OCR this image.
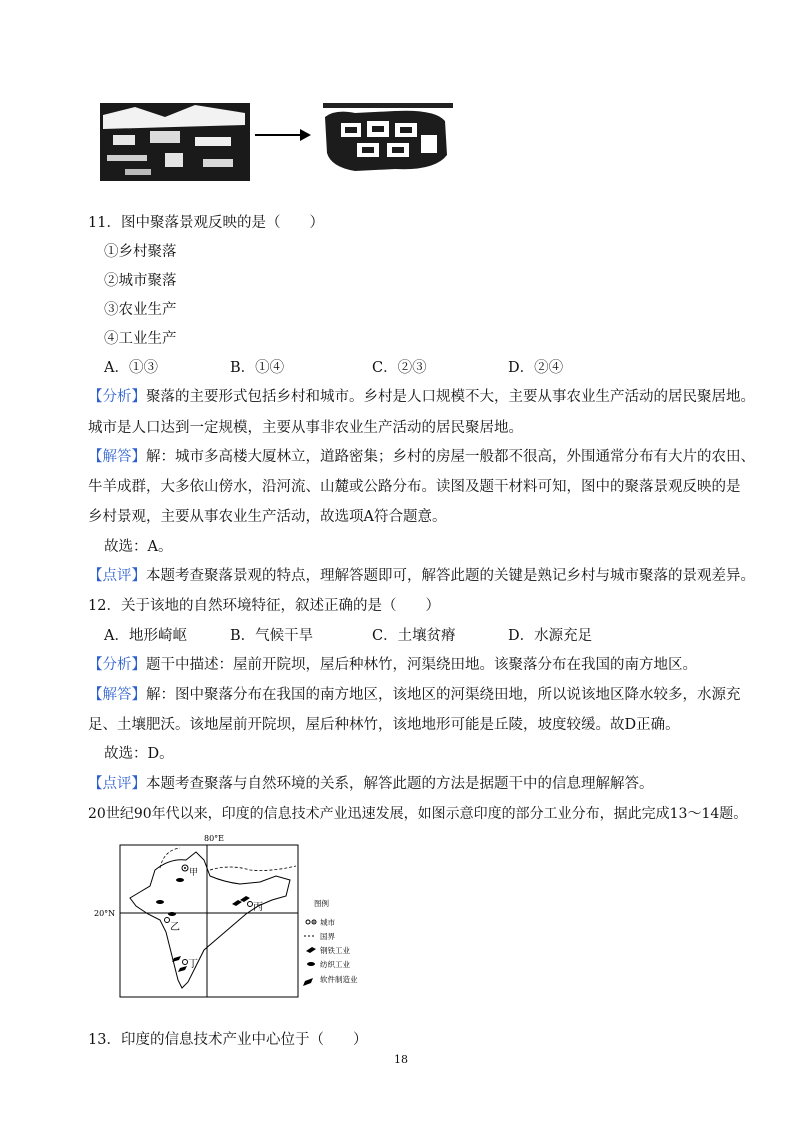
11．图中聚落景观反映的是（　　）
①乡村聚落
②城市聚落
③农业生产
④工业生产
A．①③	B．①④	C．②③	D．②④
【分析】聚落的主要形式包括乡村和城市。乡村是人口规模不大，主要从事农业生产活动的居民聚居地。
城市是人口达到一定规模，主要从事非农业生产活动的居民聚居地。
【解答】解：城市多高楼大厦林立，道路密集；乡村的房屋一般都不很高，外围通常分布有大片的农田、
牛羊成群，大多依山傍水，沿河流、山麓或公路分布。读图及题干材料可知，图中的聚落景观反映的是
乡村景观，主要从事农业生产活动，故选项A符合题意。
故选：A。
【点评】本题考查聚落景观的特点，理解答题即可，解答此题的关键是熟记乡村与城市聚落的景观差异。
12．关于该地的自然环境特征，叙述正确的是（　　）
A．地形崎岖	B．气候干旱	C．土壤贫瘠	D．水源充足
【分析】题干中描述：屋前开院坝，屋后种林竹，河渠绕田地。该聚落分布在我国的南方地区。
【解答】解：图中聚落分布在我国的南方地区，该地区的河渠绕田地，所以说该地区降水较多，水源充
足、土壤肥沃。该地屋前开院坝，屋后种林竹，该地地形可能是丘陵，坡度较缓。故D正确。
故选：D。
【点评】本题考查聚落与自然环境的关系，解答此题的方法是据题干中的信息理解解答。
20世纪90年代以来，印度的信息技术产业迅速发展，如图示意印度的部分工业分布，据此完成13～14题。
80°E
20°N
甲
乙
丙
丁
图例
城市
国界
钢铁工业
纺织工业
软件制造业
13．印度的信息技术产业中心位于（　　）
18
